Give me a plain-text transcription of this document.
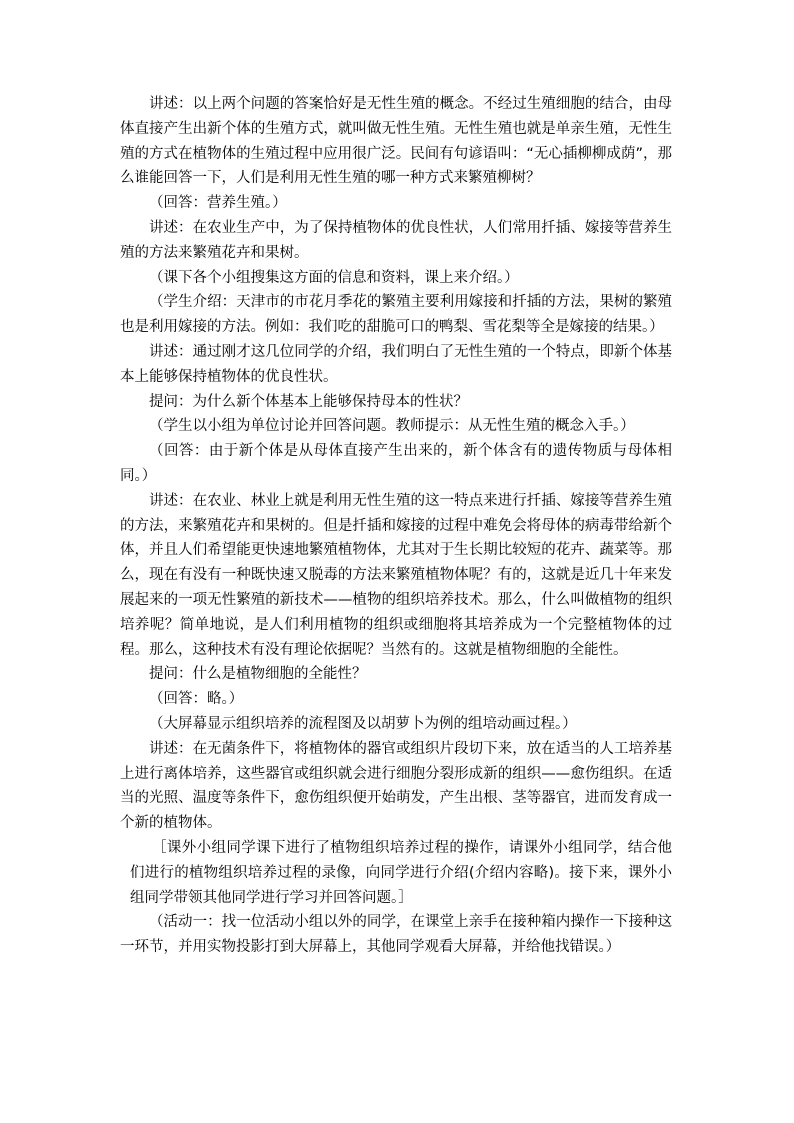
讲述：以上两个问题的答案恰好是无性生殖的概念。不经过生殖细胞的结合，由母体直接产生出新个体的生殖方式，就叫做无性生殖。无性生殖也就是单亲生殖，无性生殖的方式在植物体的生殖过程中应用很广泛。民间有句谚语叫：“无心插柳柳成荫”，那么谁能回答一下，人们是利用无性生殖的哪一种方式来繁殖柳树？

（回答：营养生殖。）

讲述：在农业生产中，为了保持植物体的优良性状，人们常用扦插、嫁接等营养生殖的方法来繁殖花卉和果树。

（课下各个小组搜集这方面的信息和资料，课上来介绍。）

（学生介绍：天津市的市花月季花的繁殖主要利用嫁接和扦插的方法，果树的繁殖也是利用嫁接的方法。例如：我们吃的甜脆可口的鸭梨、雪花梨等全是嫁接的结果。）

讲述：通过刚才这几位同学的介绍，我们明白了无性生殖的一个特点，即新个体基本上能够保持植物体的优良性状。

提问：为什么新个体基本上能够保持母本的性状？

（学生以小组为单位讨论并回答问题。教师提示：从无性生殖的概念入手。）

（回答：由于新个体是从母体直接产生出来的，新个体含有的遗传物质与母体相同。）

讲述：在农业、林业上就是利用无性生殖的这一特点来进行扦插、嫁接等营养生殖的方法，来繁殖花卉和果树的。但是扦插和嫁接的过程中难免会将母体的病毒带给新个体，并且人们希望能更快速地繁殖植物体，尤其对于生长期比较短的花卉、蔬菜等。那么，现在有没有一种既快速又脱毒的方法来繁殖植物体呢？有的，这就是近几十年来发展起来的一项无性繁殖的新技术——植物的组织培养技术。那么，什么叫做植物的组织培养呢？简单地说，是人们利用植物的组织或细胞将其培养成为一个完整植物体的过程。那么，这种技术有没有理论依据呢？当然有的。这就是植物细胞的全能性。

提问：什么是植物细胞的全能性？

（回答：略。）

（大屏幕显示组织培养的流程图及以胡萝卜为例的组培动画过程。）

讲述：在无菌条件下，将植物体的器官或组织片段切下来，放在适当的人工培养基上进行离体培养，这些器官或组织就会进行细胞分裂形成新的组织——愈伤组织。在适当的光照、温度等条件下，愈伤组织便开始萌发，产生出根、茎等器官，进而发育成一个新的植物体。

［课外小组同学课下进行了植物组织培养过程的操作，请课外小组同学，结合他们进行的植物组织培养过程的录像，向同学进行介绍(介绍内容略)。接下来，课外小组同学带领其他同学进行学习并回答问题。］

（活动一：找一位活动小组以外的同学，在课堂上亲手在接种箱内操作一下接种这一环节，并用实物投影打到大屏幕上，其他同学观看大屏幕，并给他找错误。）
